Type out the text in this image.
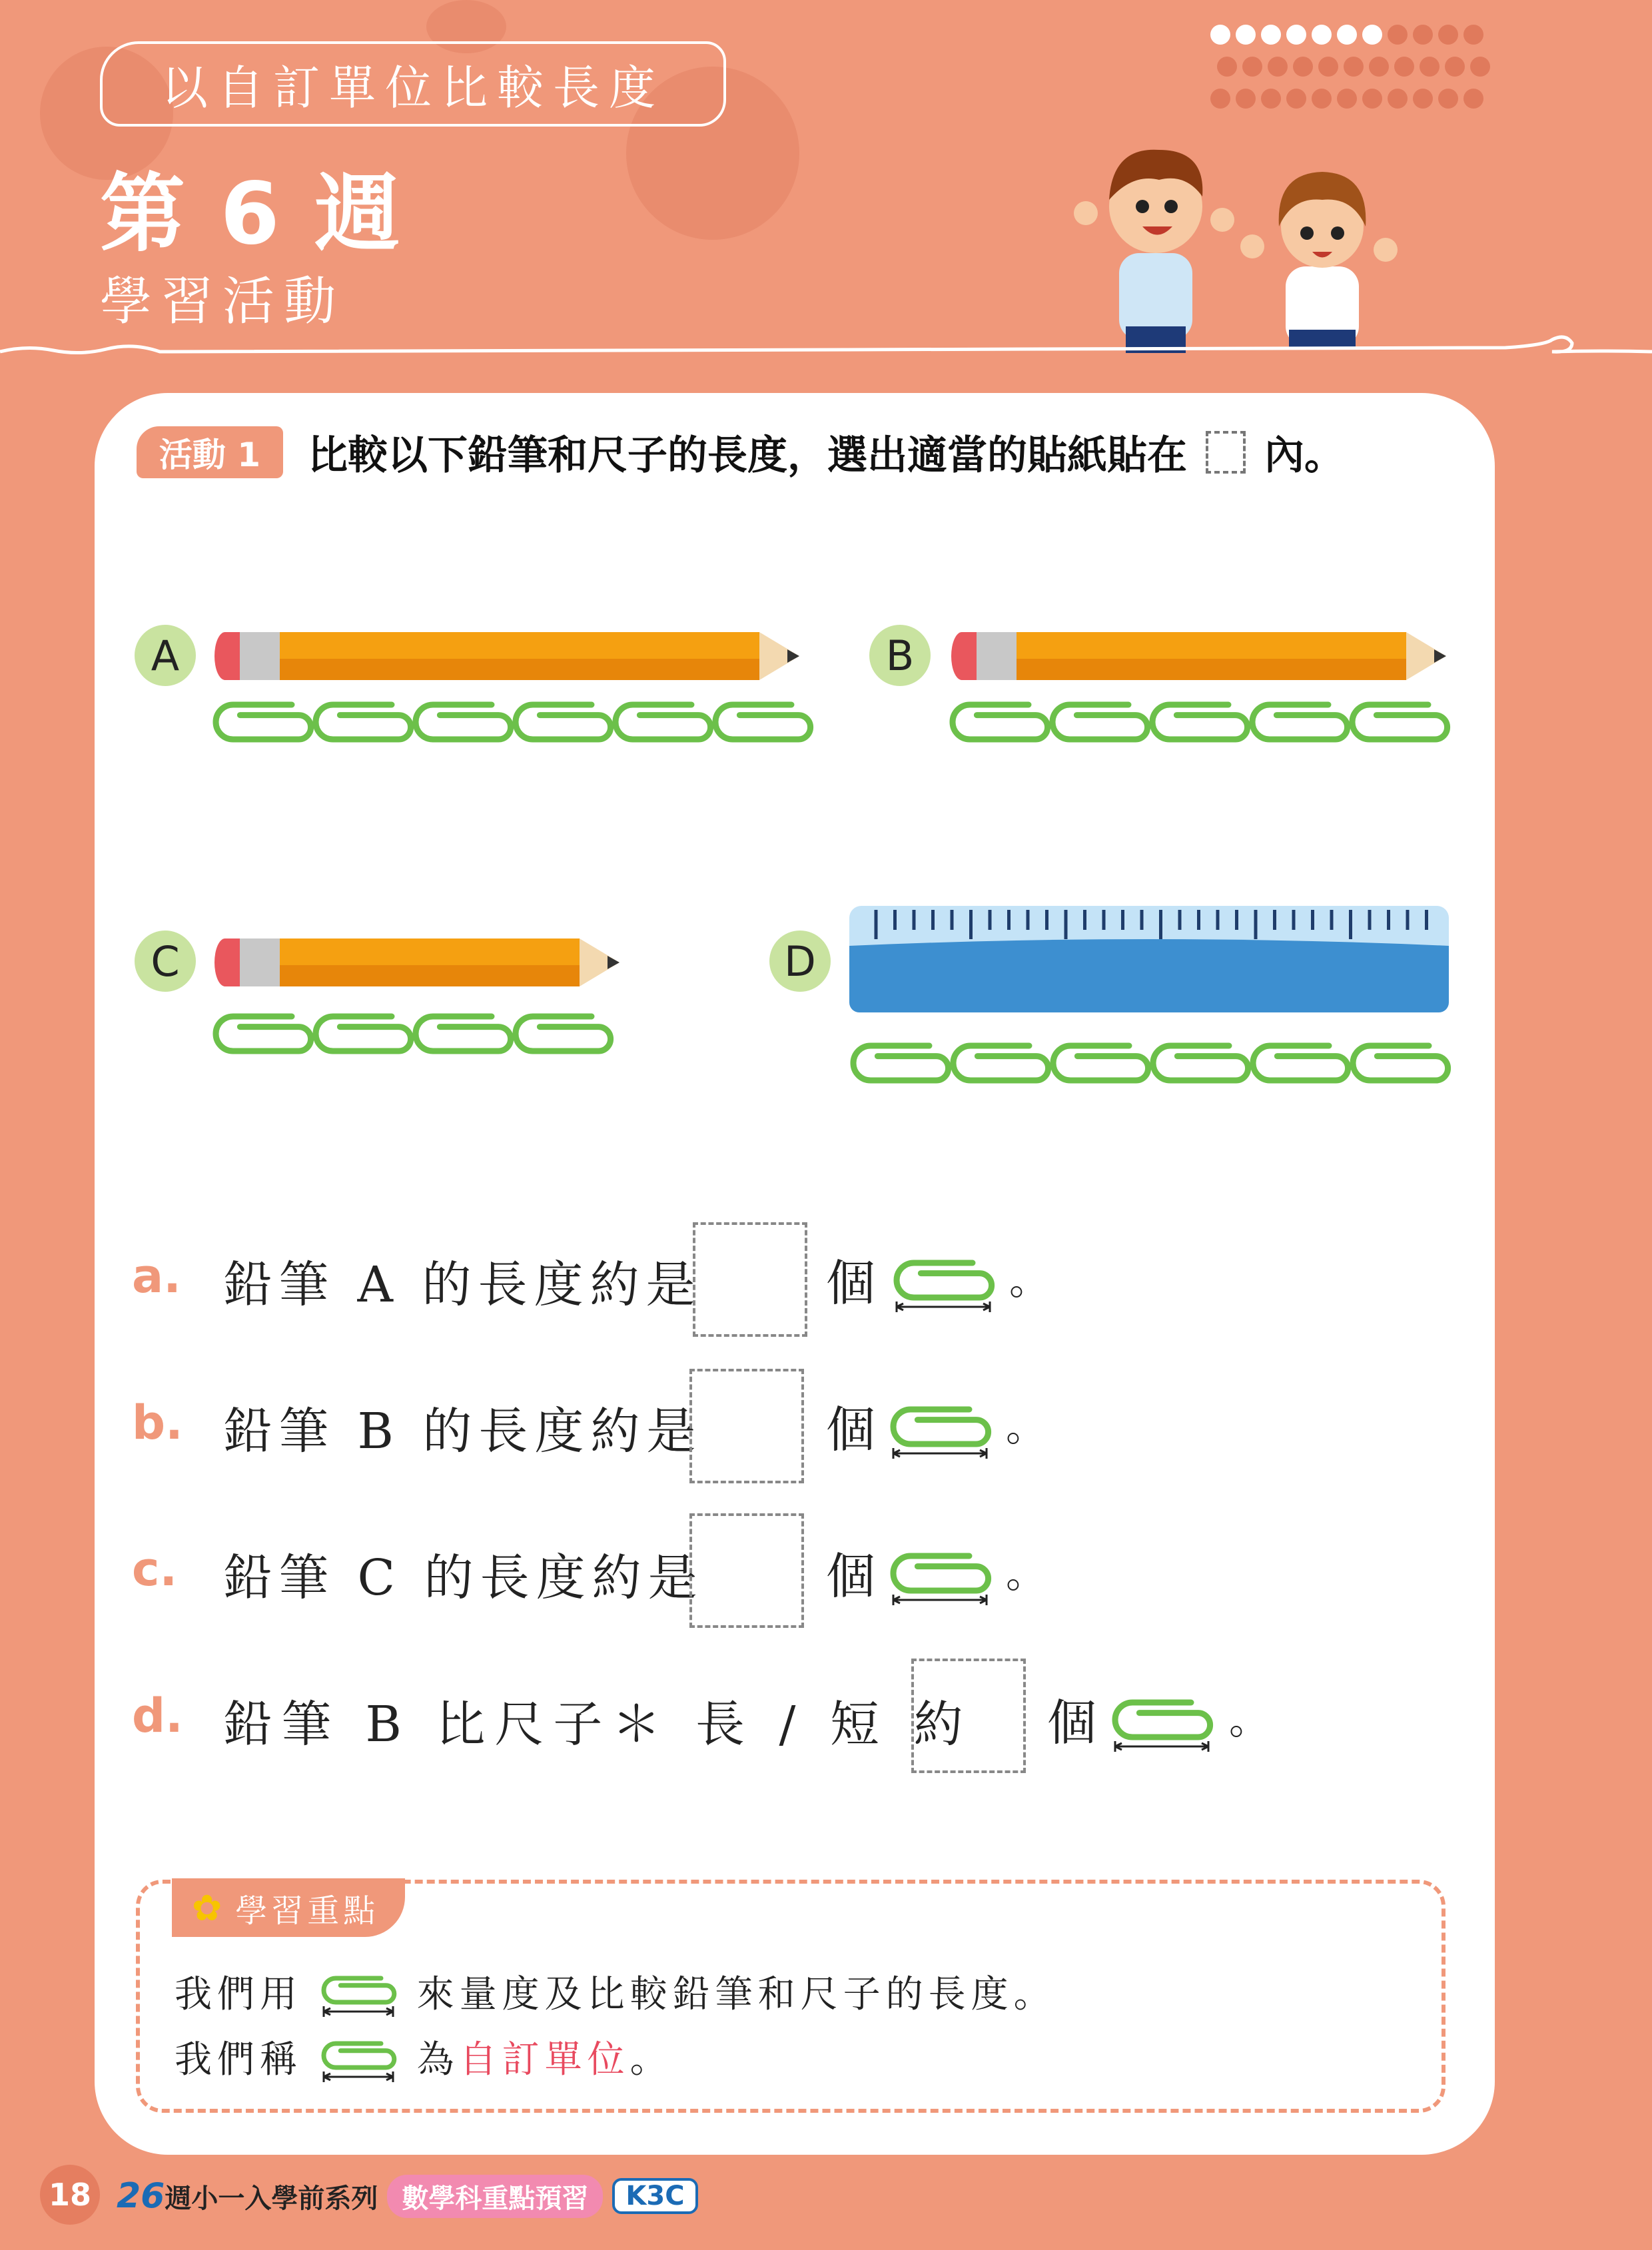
以自訂單位比較長度
第 6 週
學習活動
活動 1	比較以下鉛筆和尺子的長度，選出適當的貼紙貼在 內。
A	B
C	D
a. 鉛筆 A 的長度約是	個	。
b. 鉛筆 B 的長度約是	個	。
c. 鉛筆 C 的長度約是 個	。
d. 鉛筆 B 比尺子＊ 長 / 短 約 個	。
✿ 學習重點
我們用	來量度及比較鉛筆和尺子的長度。
我們稱	為自訂單位。
18 26 週小一入學前系列 數學科重點預習	K3C
